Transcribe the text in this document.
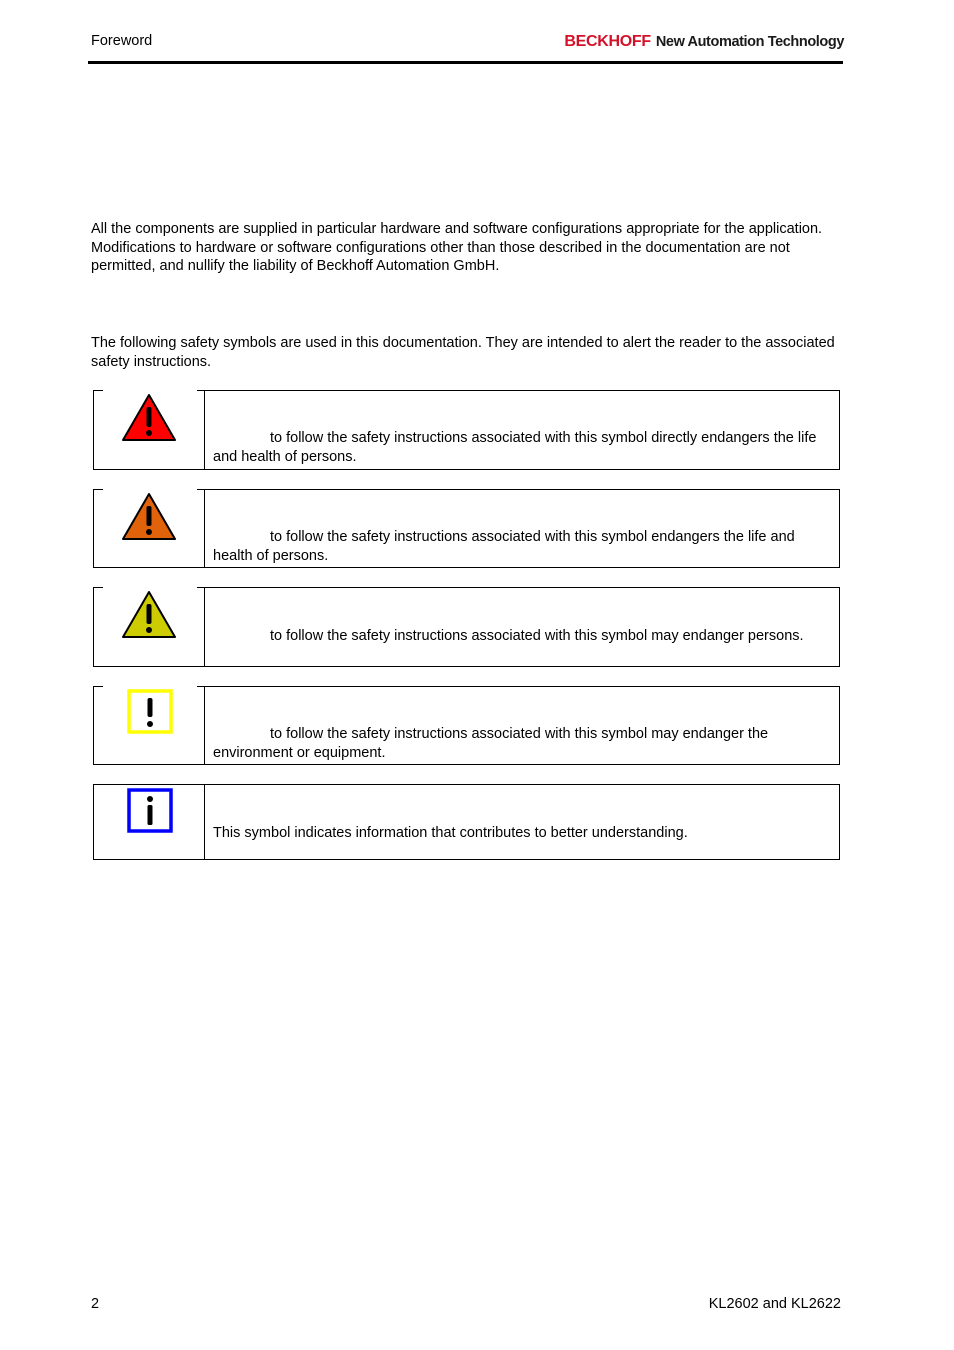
Foreword	BECKHOFF New Automation Technology

All the components are supplied in particular hardware and software configurations appropriate for the application. Modifications to hardware or software configurations other than those described in the documentation are not permitted, and nullify the liability of Beckhoff Automation GmbH.

The following safety symbols are used in this documentation. They are intended to alert the reader to the associated safety instructions.

to follow the safety instructions associated with this symbol directly endangers the life and health of persons.

to follow the safety instructions associated with this symbol endangers the life and health of persons.

to follow the safety instructions associated with this symbol may endanger persons.

to follow the safety instructions associated with this symbol may endanger the environment or equipment.

This symbol indicates information that contributes to better understanding.

2	KL2602 and KL2622
